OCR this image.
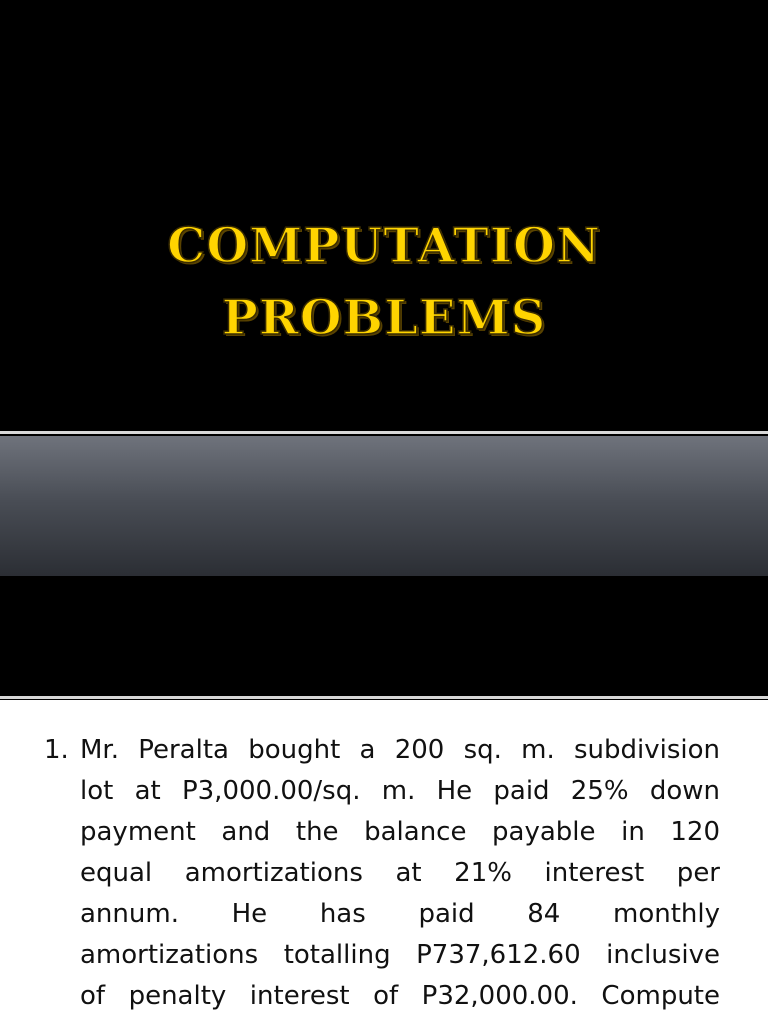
COMPUTATION
PROBLEMS
1. Mr. Peralta bought a 200 sq. m. subdivision
lot at P3,000.00/sq. m. He paid 25% down
payment and the balance payable in 120
equal amortizations at 21% interest per
annum. He has paid 84 monthly
amortizations totalling P737,612.60 inclusive
of penalty interest of P32,000.00. Compute
